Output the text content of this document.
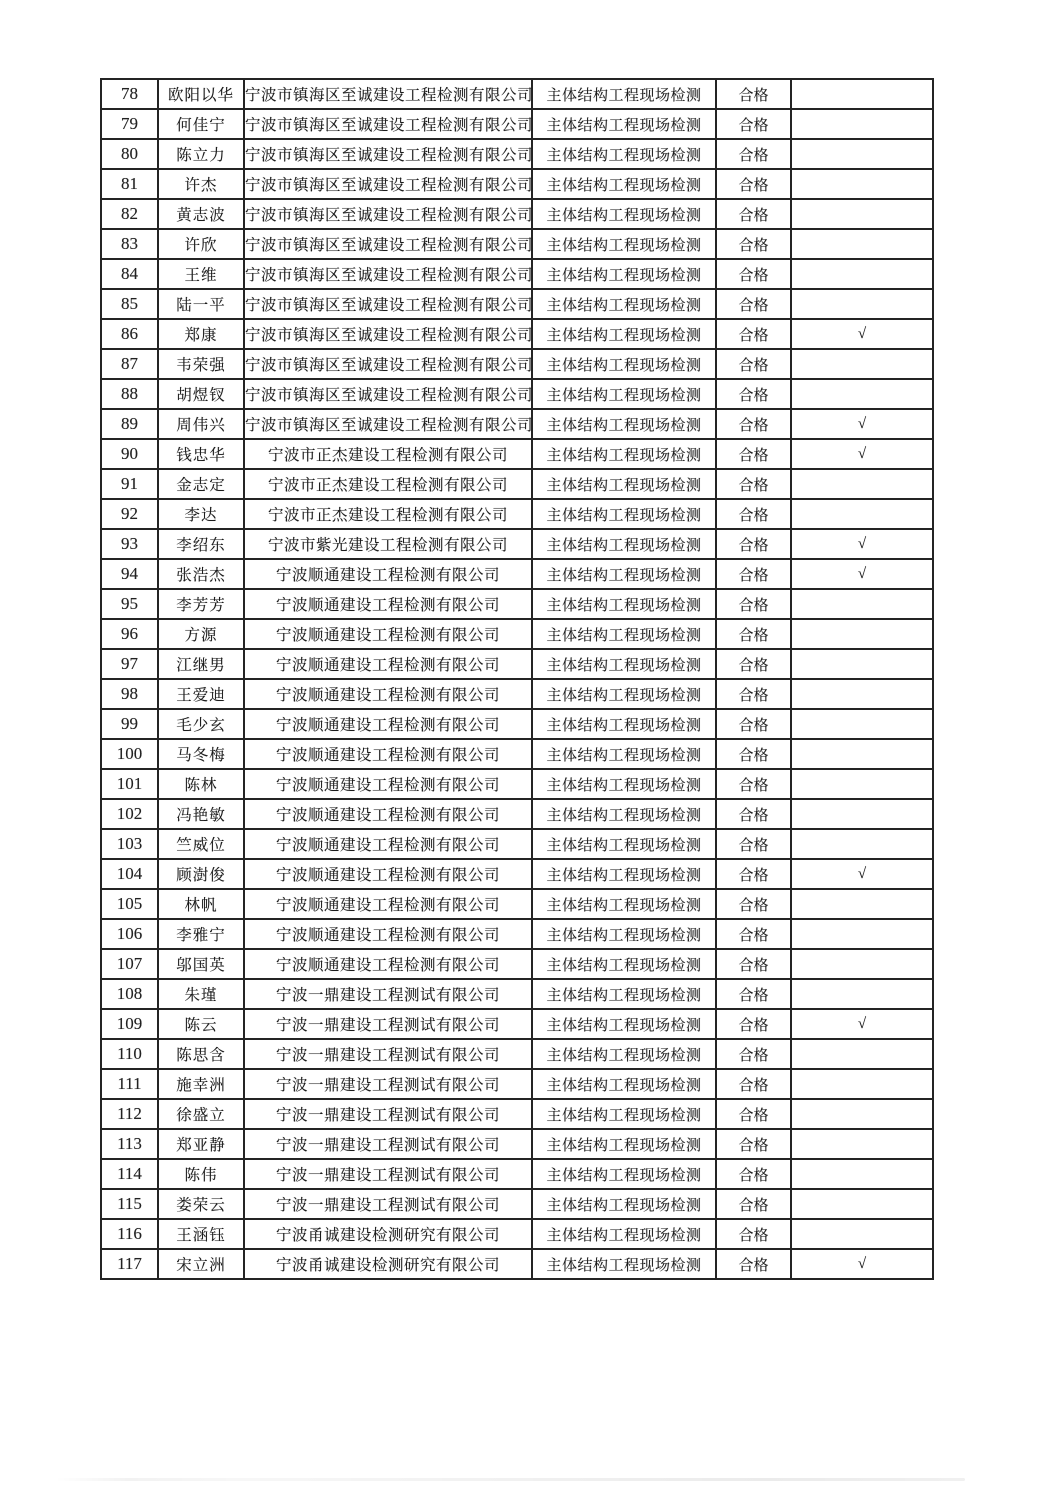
78	欧阳以华	宁波市镇海区至诚建设工程检测有限公司	主体结构工程现场检测	合格	
79	何佳宁	宁波市镇海区至诚建设工程检测有限公司	主体结构工程现场检测	合格	
80	陈立力	宁波市镇海区至诚建设工程检测有限公司	主体结构工程现场检测	合格	
81	许杰	宁波市镇海区至诚建设工程检测有限公司	主体结构工程现场检测	合格	
82	黄志波	宁波市镇海区至诚建设工程检测有限公司	主体结构工程现场检测	合格	
83	许欣	宁波市镇海区至诚建设工程检测有限公司	主体结构工程现场检测	合格	
84	王维	宁波市镇海区至诚建设工程检测有限公司	主体结构工程现场检测	合格	
85	陆一平	宁波市镇海区至诚建设工程检测有限公司	主体结构工程现场检测	合格	
86	郑康	宁波市镇海区至诚建设工程检测有限公司	主体结构工程现场检测	合格	√
87	韦荣强	宁波市镇海区至诚建设工程检测有限公司	主体结构工程现场检测	合格	
88	胡煜钗	宁波市镇海区至诚建设工程检测有限公司	主体结构工程现场检测	合格	
89	周伟兴	宁波市镇海区至诚建设工程检测有限公司	主体结构工程现场检测	合格	√
90	钱忠华	宁波市正杰建设工程检测有限公司	主体结构工程现场检测	合格	√
91	金志定	宁波市正杰建设工程检测有限公司	主体结构工程现场检测	合格	
92	李达	宁波市正杰建设工程检测有限公司	主体结构工程现场检测	合格	
93	李绍东	宁波市紫光建设工程检测有限公司	主体结构工程现场检测	合格	√
94	张浩杰	宁波顺通建设工程检测有限公司	主体结构工程现场检测	合格	√
95	李芳芳	宁波顺通建设工程检测有限公司	主体结构工程现场检测	合格	
96	方源	宁波顺通建设工程检测有限公司	主体结构工程现场检测	合格	
97	江继男	宁波顺通建设工程检测有限公司	主体结构工程现场检测	合格	
98	王爱迪	宁波顺通建设工程检测有限公司	主体结构工程现场检测	合格	
99	毛少玄	宁波顺通建设工程检测有限公司	主体结构工程现场检测	合格	
100	马冬梅	宁波顺通建设工程检测有限公司	主体结构工程现场检测	合格	
101	陈林	宁波顺通建设工程检测有限公司	主体结构工程现场检测	合格	
102	冯艳敏	宁波顺通建设工程检测有限公司	主体结构工程现场检测	合格	
103	竺威位	宁波顺通建设工程检测有限公司	主体结构工程现场检测	合格	
104	顾澍俊	宁波顺通建设工程检测有限公司	主体结构工程现场检测	合格	√
105	林帆	宁波顺通建设工程检测有限公司	主体结构工程现场检测	合格	
106	李雅宁	宁波顺通建设工程检测有限公司	主体结构工程现场检测	合格	
107	邬国英	宁波顺通建设工程检测有限公司	主体结构工程现场检测	合格	
108	朱瑾	宁波一鼎建设工程测试有限公司	主体结构工程现场检测	合格	
109	陈云	宁波一鼎建设工程测试有限公司	主体结构工程现场检测	合格	√
110	陈思含	宁波一鼎建设工程测试有限公司	主体结构工程现场检测	合格	
111	施幸洲	宁波一鼎建设工程测试有限公司	主体结构工程现场检测	合格	
112	徐盛立	宁波一鼎建设工程测试有限公司	主体结构工程现场检测	合格	
113	郑亚静	宁波一鼎建设工程测试有限公司	主体结构工程现场检测	合格	
114	陈伟	宁波一鼎建设工程测试有限公司	主体结构工程现场检测	合格	
115	娄荣云	宁波一鼎建设工程测试有限公司	主体结构工程现场检测	合格	
116	王涵钰	宁波甬诚建设检测研究有限公司	主体结构工程现场检测	合格	
117	宋立洲	宁波甬诚建设检测研究有限公司	主体结构工程现场检测	合格	√
